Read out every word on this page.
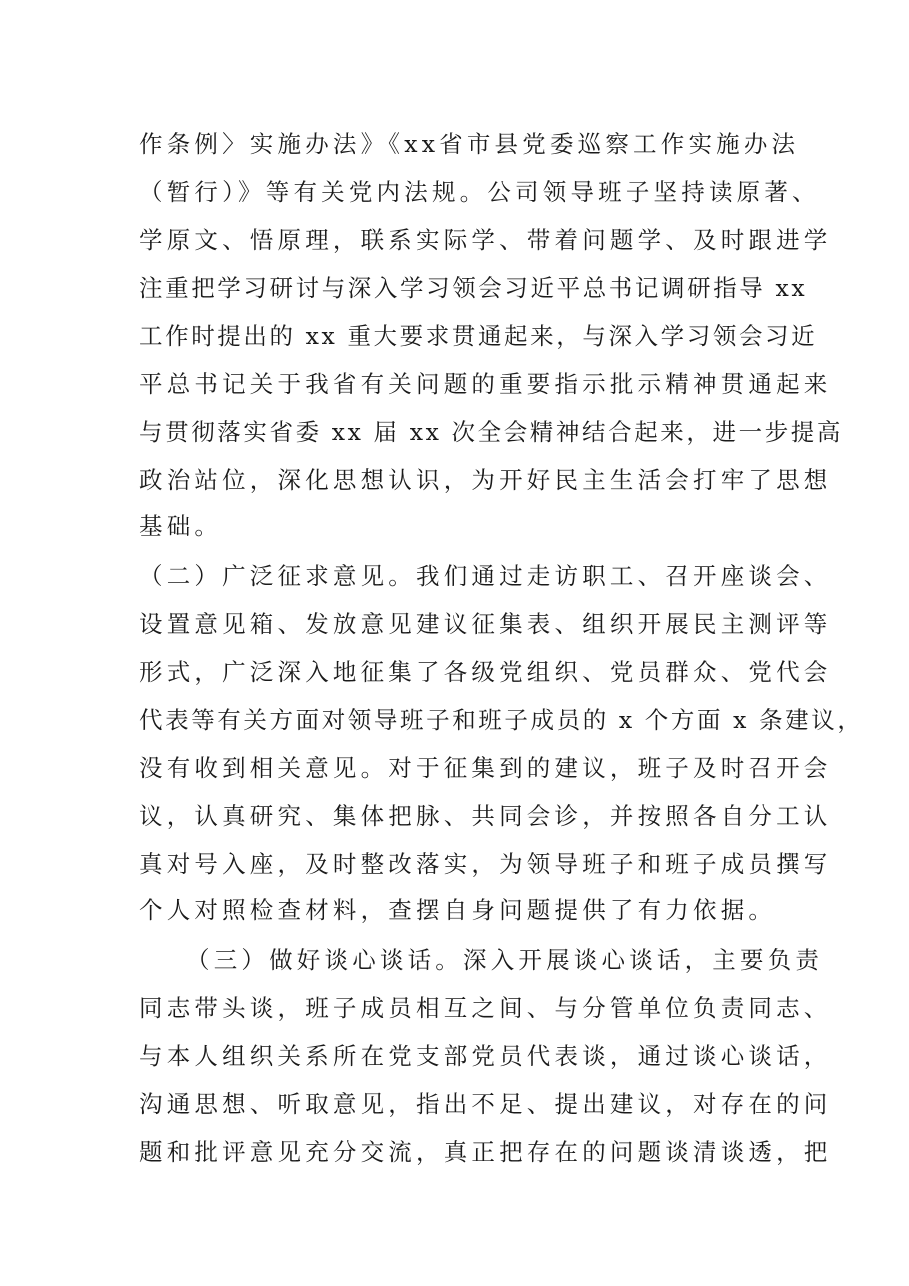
作条例〉实施办法》《xx省市县党委巡察工作实施办法
（暂行）》等有关党内法规。公司领导班子坚持读原著、
学原文、悟原理，联系实际学、带着问题学、及时跟进学
注重把学习研讨与深入学习领会习近平总书记调研指导 xx
工作时提出的 xx 重大要求贯通起来，与深入学习领会习近
平总书记关于我省有关问题的重要指示批示精神贯通起来
与贯彻落实省委 xx 届 xx 次全会精神结合起来，进一步提高
政治站位，深化思想认识，为开好民主生活会打牢了思想
基础。
（二）广泛征求意见。我们通过走访职工、召开座谈会、
设置意见箱、发放意见建议征集表、组织开展民主测评等
形式，广泛深入地征集了各级党组织、党员群众、党代会
代表等有关方面对领导班子和班子成员的 x 个方面 x 条建议，
没有收到相关意见。对于征集到的建议，班子及时召开会
议，认真研究、集体把脉、共同会诊，并按照各自分工认
真对号入座，及时整改落实，为领导班子和班子成员撰写
个人对照检查材料，查摆自身问题提供了有力依据。
（三）做好谈心谈话。深入开展谈心谈话，主要负责
同志带头谈，班子成员相互之间、与分管单位负责同志、
与本人组织关系所在党支部党员代表谈，通过谈心谈话，
沟通思想、听取意见，指出不足、提出建议，对存在的问
题和批评意见充分交流，真正把存在的问题谈清谈透，把
